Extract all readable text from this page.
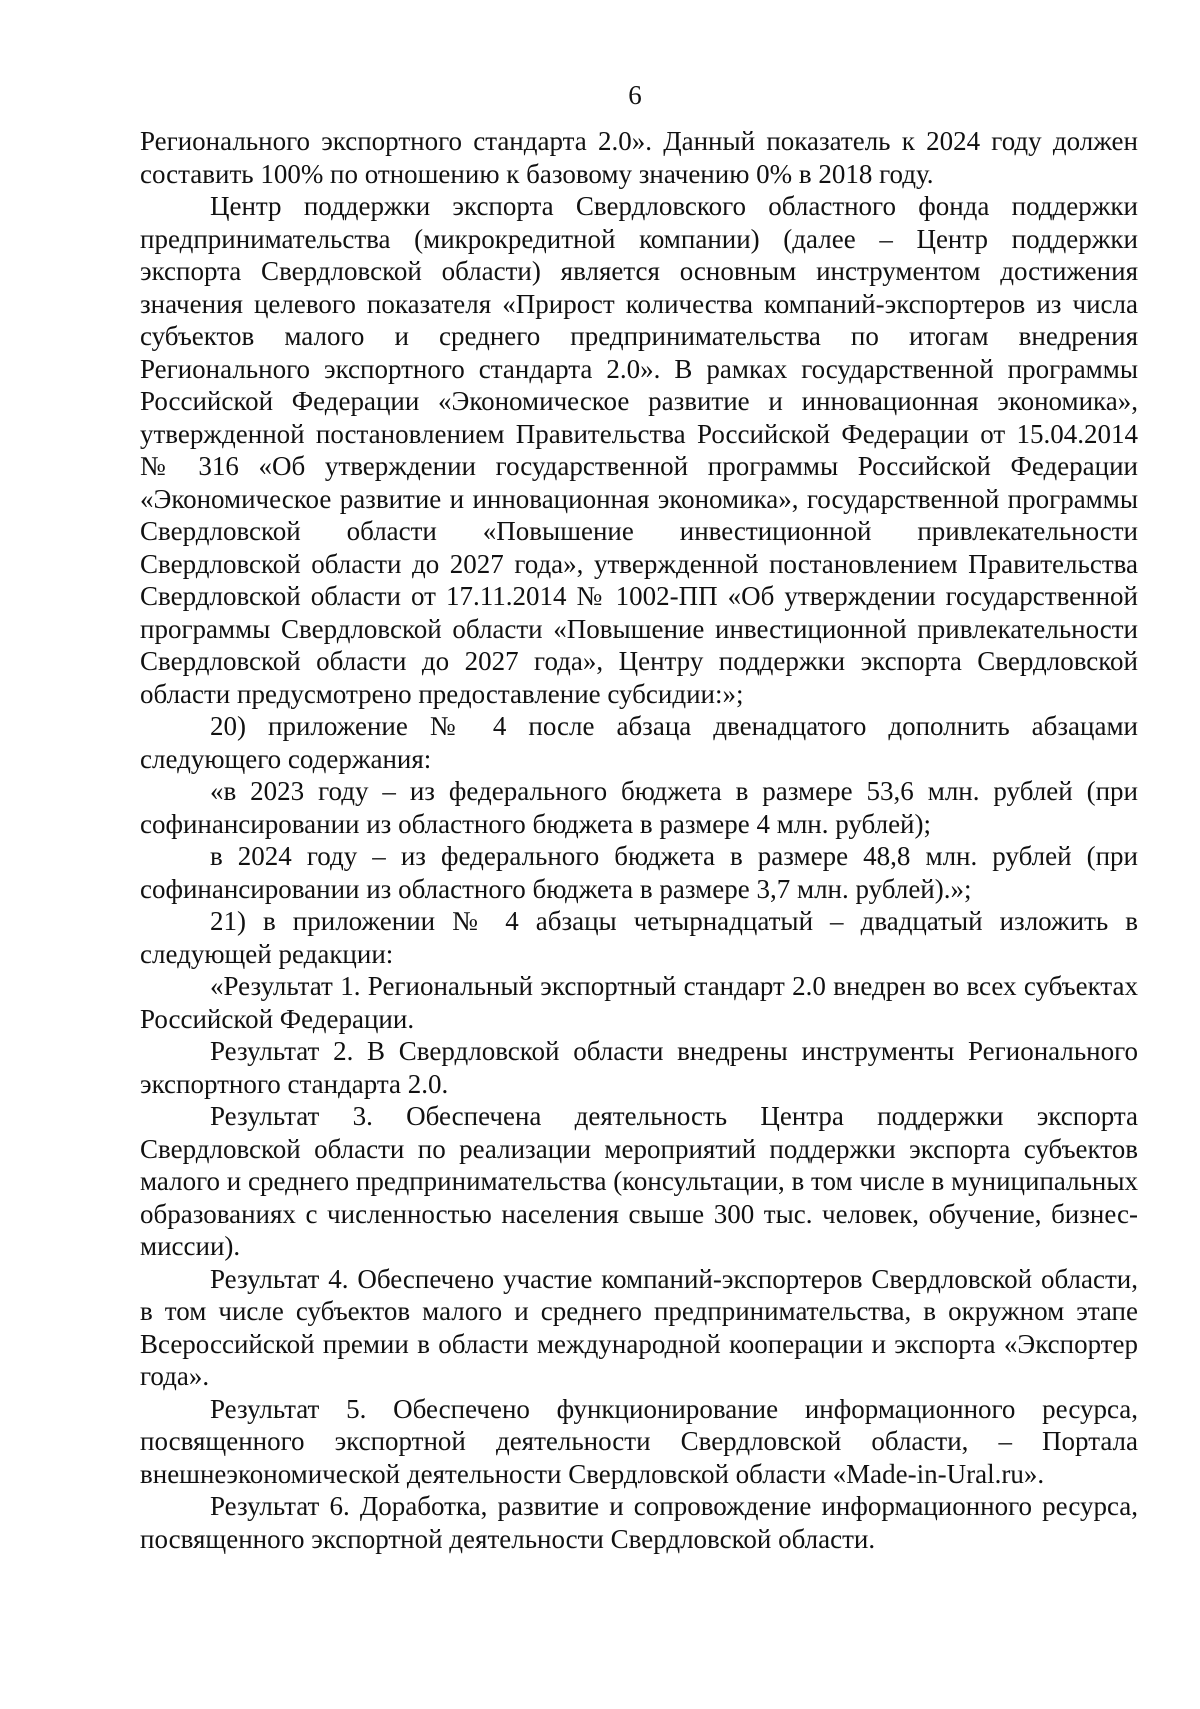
6

Регионального экспортного стандарта 2.0». Данный показатель к 2024 году должен составить 100% по отношению к базовому значению 0% в 2018 году.

Центр поддержки экспорта Свердловского областного фонда поддержки предпринимательства (микрокредитной компании) (далее – Центр поддержки экспорта Свердловской области) является основным инструментом достижения значения целевого показателя «Прирост количества компаний-экспортеров из числа субъектов малого и среднего предпринимательства по итогам внедрения Регионального экспортного стандарта 2.0». В рамках государственной программы Российской Федерации «Экономическое развитие и инновационная экономика», утвержденной постановлением Правительства Российской Федерации от 15.04.2014 № 316 «Об утверждении государственной программы Российской Федерации «Экономическое развитие и инновационная экономика», государственной программы Свердловской области «Повышение инвестиционной привлекательности Свердловской области до 2027 года», утвержденной постановлением Правительства Свердловской области от 17.11.2014 № 1002-ПП «Об утверждении государственной программы Свердловской области «Повышение инвестиционной привлекательности Свердловской области до 2027 года», Центру поддержки экспорта Свердловской области предусмотрено предоставление субсидии:»;

20) приложение № 4 после абзаца двенадцатого дополнить абзацами следующего содержания:

«в 2023 году – из федерального бюджета в размере 53,6 млн. рублей (при софинансировании из областного бюджета в размере 4 млн. рублей);

в 2024 году – из федерального бюджета в размере 48,8 млн. рублей (при софинансировании из областного бюджета в размере 3,7 млн. рублей).»;

21) в приложении № 4 абзацы четырнадцатый – двадцатый изложить в следующей редакции:

«Результат 1. Региональный экспортный стандарт 2.0 внедрен во всех субъектах Российской Федерации.

Результат 2. В Свердловской области внедрены инструменты Регионального экспортного стандарта 2.0.

Результат 3. Обеспечена деятельность Центра поддержки экспорта Свердловской области по реализации мероприятий поддержки экспорта субъектов малого и среднего предпринимательства (консультации, в том числе в муниципальных образованиях с численностью населения свыше 300 тыс. человек, обучение, бизнес-миссии).

Результат 4. Обеспечено участие компаний-экспортеров Свердловской области, в том числе субъектов малого и среднего предпринимательства, в окружном этапе Всероссийской премии в области международной кооперации и экспорта «Экспортер года».

Результат 5. Обеспечено функционирование информационного ресурса, посвященного экспортной деятельности Свердловской области, – Портала внешнеэкономической деятельности Свердловской области «Made-in-Ural.ru».

Результат 6. Доработка, развитие и сопровождение информационного ресурса, посвященного экспортной деятельности Свердловской области.
